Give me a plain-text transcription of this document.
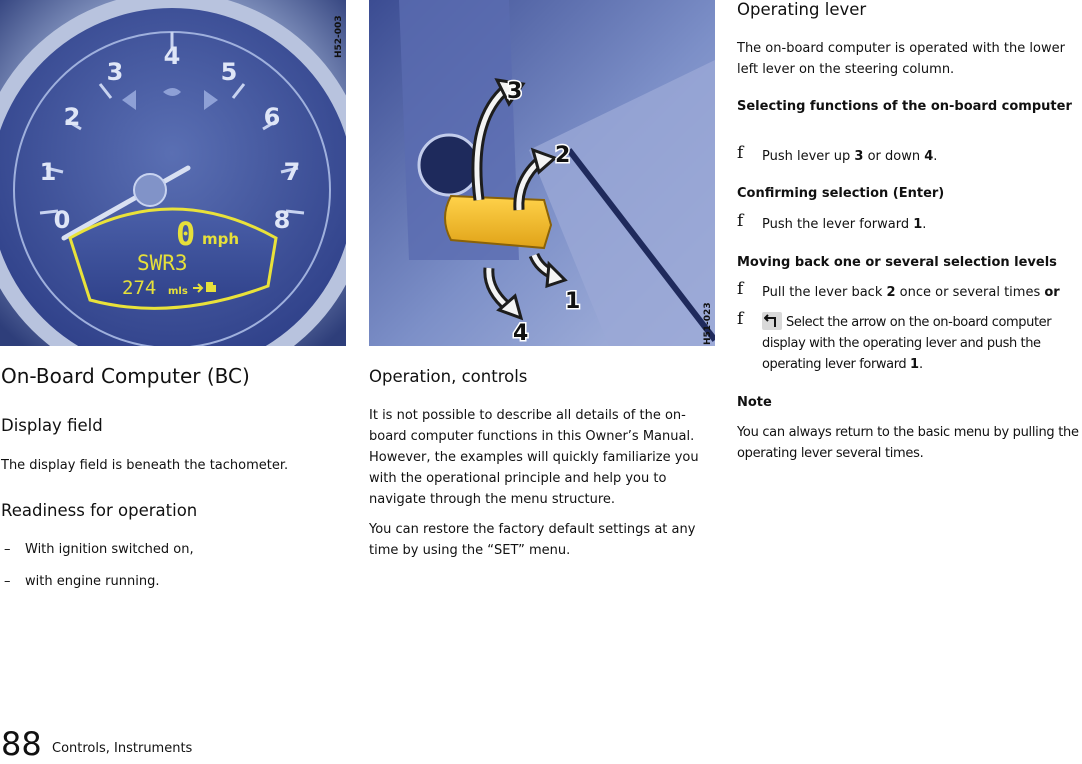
0
1
2
3
4
5
6
7
8
0 mph
SWR3
274 mls
H52-003
1
2
3
4	H51-023
On-Board Computer (BC)
Display field
The display field is beneath the tachometer.
Readiness for operation
– With ignition switched on,
– with engine running.
Operation, controls
It is not possible to describe all details of the on-board computer functions in this Owner’s Manual. However, the examples will quickly familiarize you with the operational principle and help you to navigate through the menu structure.
You can restore the factory default settings at any time by using the “SET” menu.
Operating lever
The on-board computer is operated with the lower left lever on the steering column.
Selecting functions of the on-board computer
f Push lever up 3 or down 4.
Confirming selection (Enter)
f Push the lever forward 1.
Moving back one or several selection levels
f Pull the lever back 2 once or several times or
f	Select the arrow on the on-board computer display with the operating lever and push the operating lever forward 1.
Note
You can always return to the basic menu by pulling the operating lever several times.
88 Controls, Instruments
